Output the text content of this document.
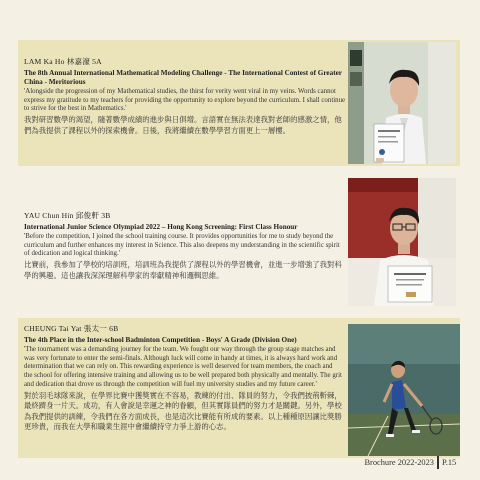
LAM Ka Ho 林嘉濠 5A

The 8th Annual International Mathematical Modeling Challenge - The International Contest of Greater China - Meritorious

'Alongside the progression of my Mathematical studies, the thirst for verity went viral in my veins. Words cannot express my gratitude to my teachers for providing the opportunity to explore beyond the curriculum. I shall continue to strive for the best in Mathematics.'

我對研習數學的渴望，隨著數學成績的進步與日俱增。言語實在無法表達我對老師的感激之情，他們為我提供了課程以外的探索機會。日後，我將繼續在數學學習方面更上一層樓。

YAU Chun Hin 邱俊軒 3B

International Junior Science Olympiad 2022 – Hong Kong Screening: First Class Honour

'Before the competition, I joined the school training course. It provides opportunities for me to study beyond the curriculum and further enhances my interest in Science. This also deepens my understanding in the scientific spirit of dedication and logical thinking.'

比賽前，我參加了學校的培訓班，培訓班為我提供了課程以外的學習機會，並進一步增強了我對科學的興趣。這也讓我深深理解科學家的奉獻精神和邏輯思維。

CHEUNG Tai Yat 張太一 6B

The 4th Place in the Inter-school Badminton Competition - Boys' A Grade (Division One)

'The tournament was a demanding journey for the team. We fought our way through the group stage matches and was very fortunate to enter the semi-finals. Although luck will come in handy at times, it is always hard work and determination that we can rely on. This rewarding experience is well deserved for team members, the coach and the school for offering intensive training and allowing us to be well prepared both physically and mentally. The grit and dedication that drove us through the competition will fuel my university studies and my future career.'

對於羽毛球隊來說，在學界比賽中獲獎實在不容易，教練的付出、隊員的努力，令我們披荊斬棘，最終躋身一片天。成功，有人會說是幸運之神的眷顧，但其實隊員們的努力才是關鍵。另外，學校為我們提供的訓練，令我們在各方面成長，也是這次比賽能有所成的要素。以上種種原因讓比獎勝更珍貴，而我在大學和職業生涯中會繼續持守力爭上游的心志。

Brochure 2022-2023 P.15
